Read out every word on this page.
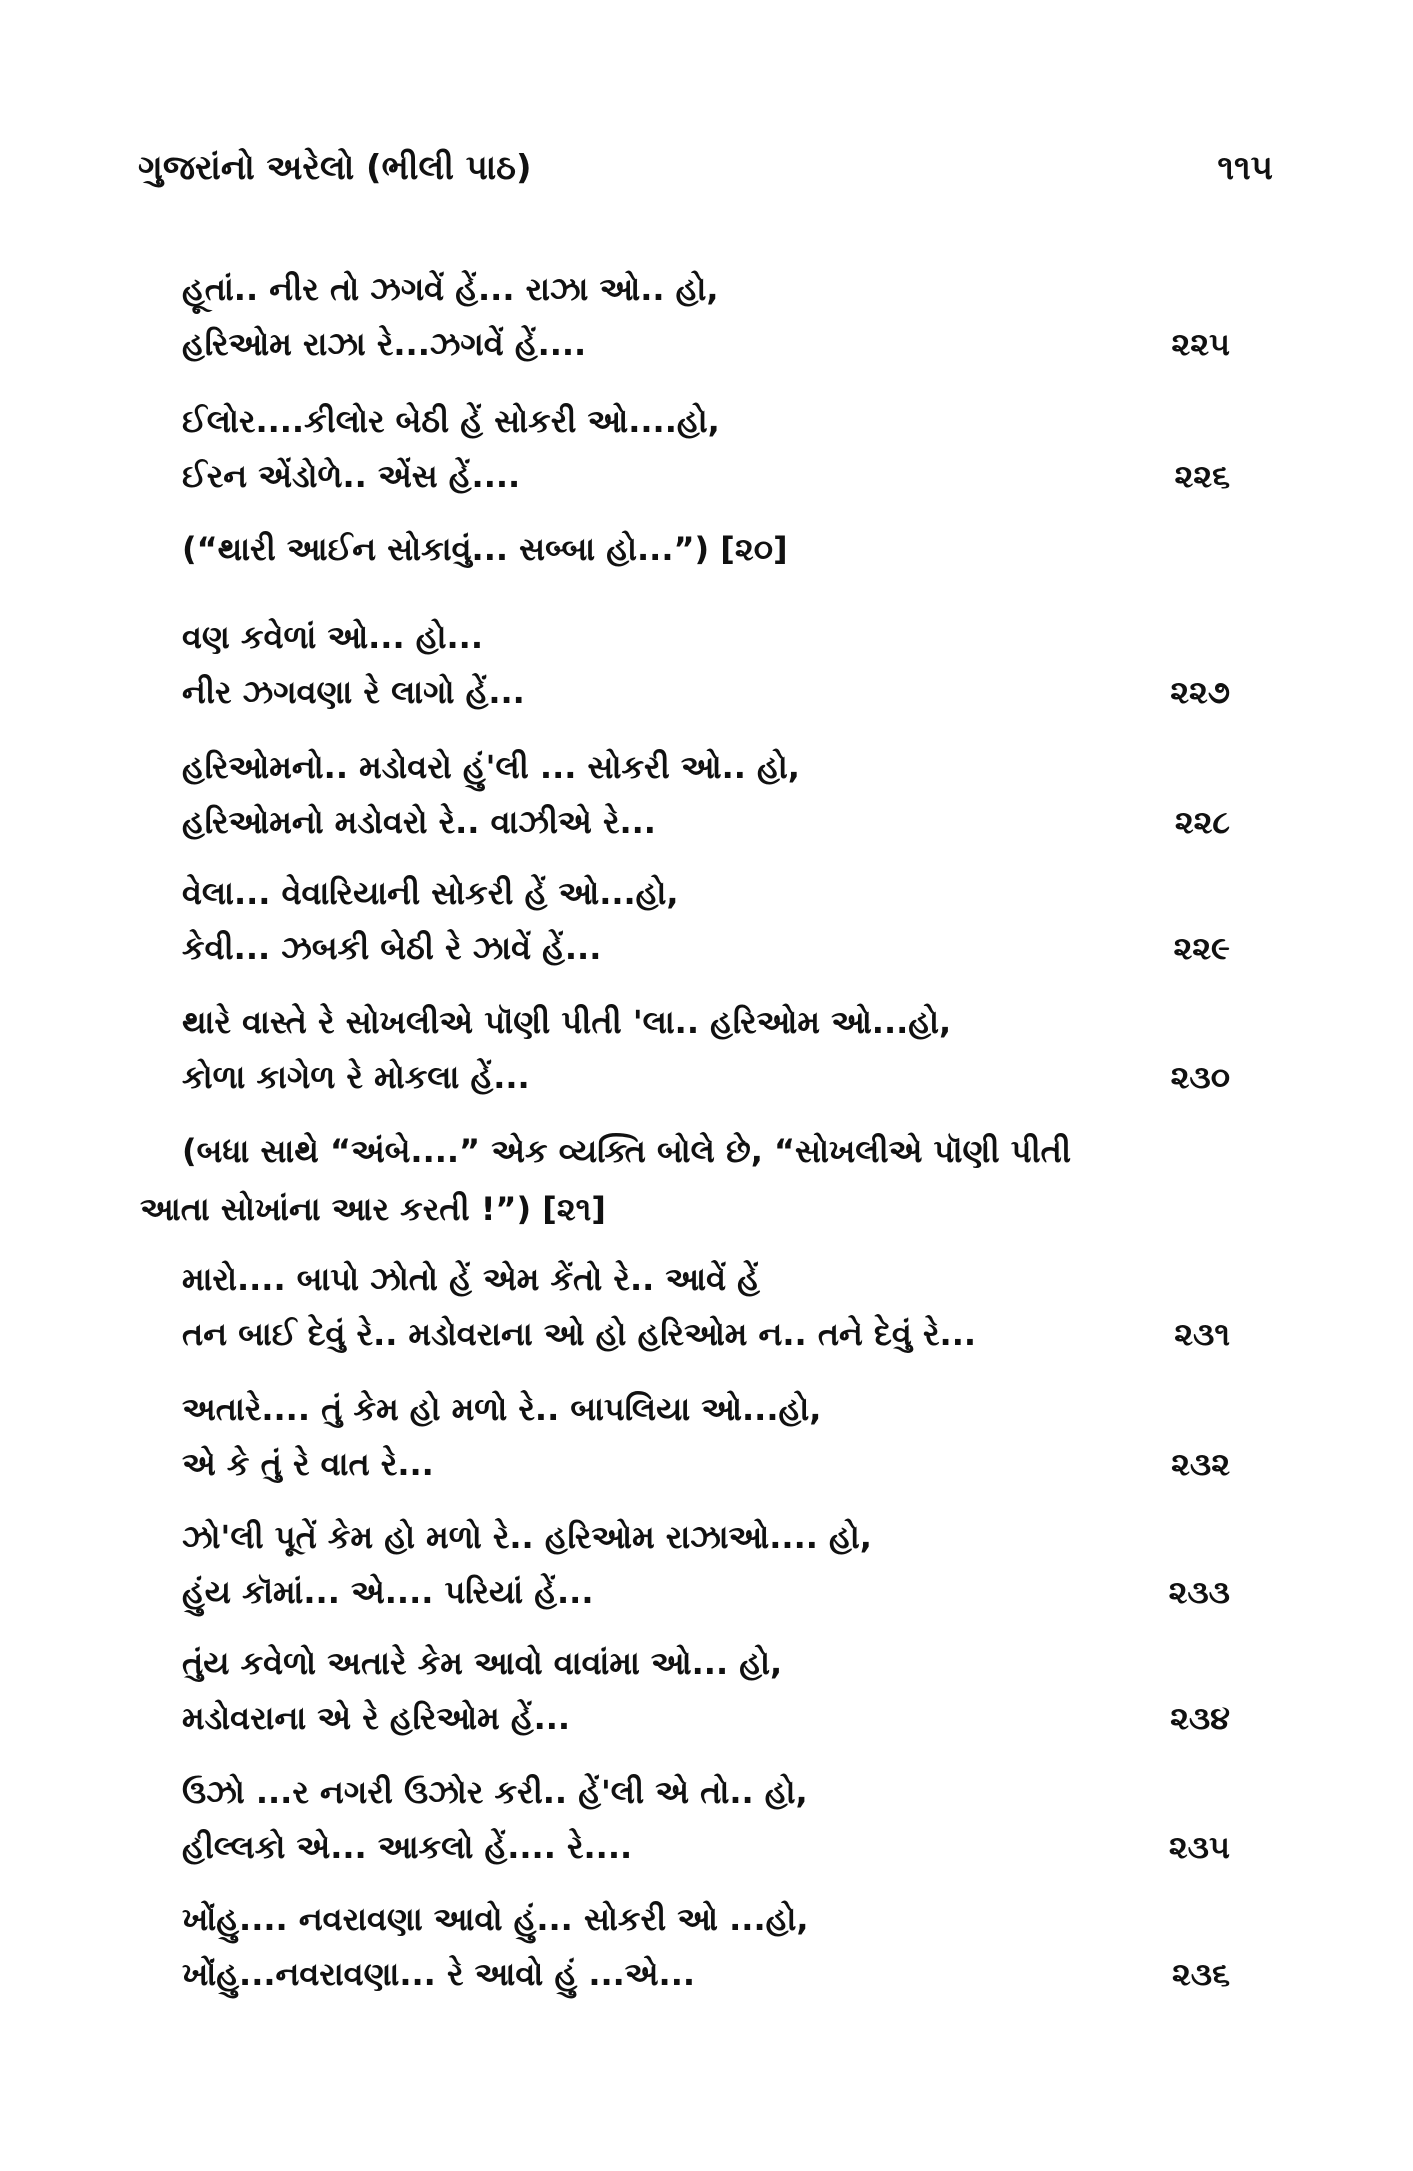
ગુજરાંનો અરેલો (ભીલી પાઠ)	૧૧૫
હૂતાં.. નીર તો ઝગવેં હેં... રાઝા ઓ.. હો,
હરિઓમ રાઝા રે...ઝગવેં હેં....	૨૨૫
ઈલોર....કીલોર બેઠી હેં સોકરી ઓ....હો,
ઈરન એંડોળે.. એંસ હેં....	૨૨૬
(“થારી આઈન સોકાવું... સબ્બા હો...”) [૨૦]
વણ કવેળાં ઓ... હો...
નીર ઝગવણા રે લાગો હેં...	૨૨૭
હરિઓમનો.. મડોવરો હું'લી ... સોકરી ઓ.. હો,
હરિઓમનો મડોવરો રે.. વાઝીએ રે...	૨૨૮
વેલા... વેવારિયાની સોકરી હેં ઓ...હો,
કેવી... ઝબકી બેઠી રે ઝાવેં હેં...	૨૨૯
થારે વાસ્તે રે સોખલીએ પૉણી પીતી 'લા.. હરિઓમ ઓ...હો,
કોળા કાગેળ રે મોકલા હેં...	૨૩૦
(બધા સાથે “અંબે....” એક વ્યક્તિ બોલે છે, “સોખલીએ પૉણી પીતી
આતા સોખાંના આર કરતી !”) [૨૧]
મારો.... બાપો ઝોતો હેં એમ કેંતો રે.. આવેં હેં
તન બાઈ દેવું રે.. મડોવરાના ઓ હો હરિઓમ ન.. તને દેવું રે...	૨૩૧
અતારે.... તું કેમ હો મળો રે.. બાપલિયા ઓ...હો,
એ કે તું રે વાત રે...	૨૩૨
ઝો'લી પૂતેં કેમ હો મળો રે.. હરિઓમ રાઝાઓ.... હો,
હુંય કૉમાં... એ.... પરિયાં હેં...	૨૩૩
તુંય કવેળો અતારે કેમ આવો વાવાંમા ઓ... હો,
મડોવરાના એ રે હરિઓમ હેં...	૨૩૪
ઉઝો ...ર નગરી ઉઝોર કરી.. હેં'લી એ તો.. હો,
હીલ્લકો એ... આકલો હેં.... રે....	૨૩૫
ખોંહુ.... નવરાવણા આવો હું... સોકરી ઓ ...હો,
ખોંહુ...નવરાવણા... રે આવો હું ...એ...	૨૩૬
